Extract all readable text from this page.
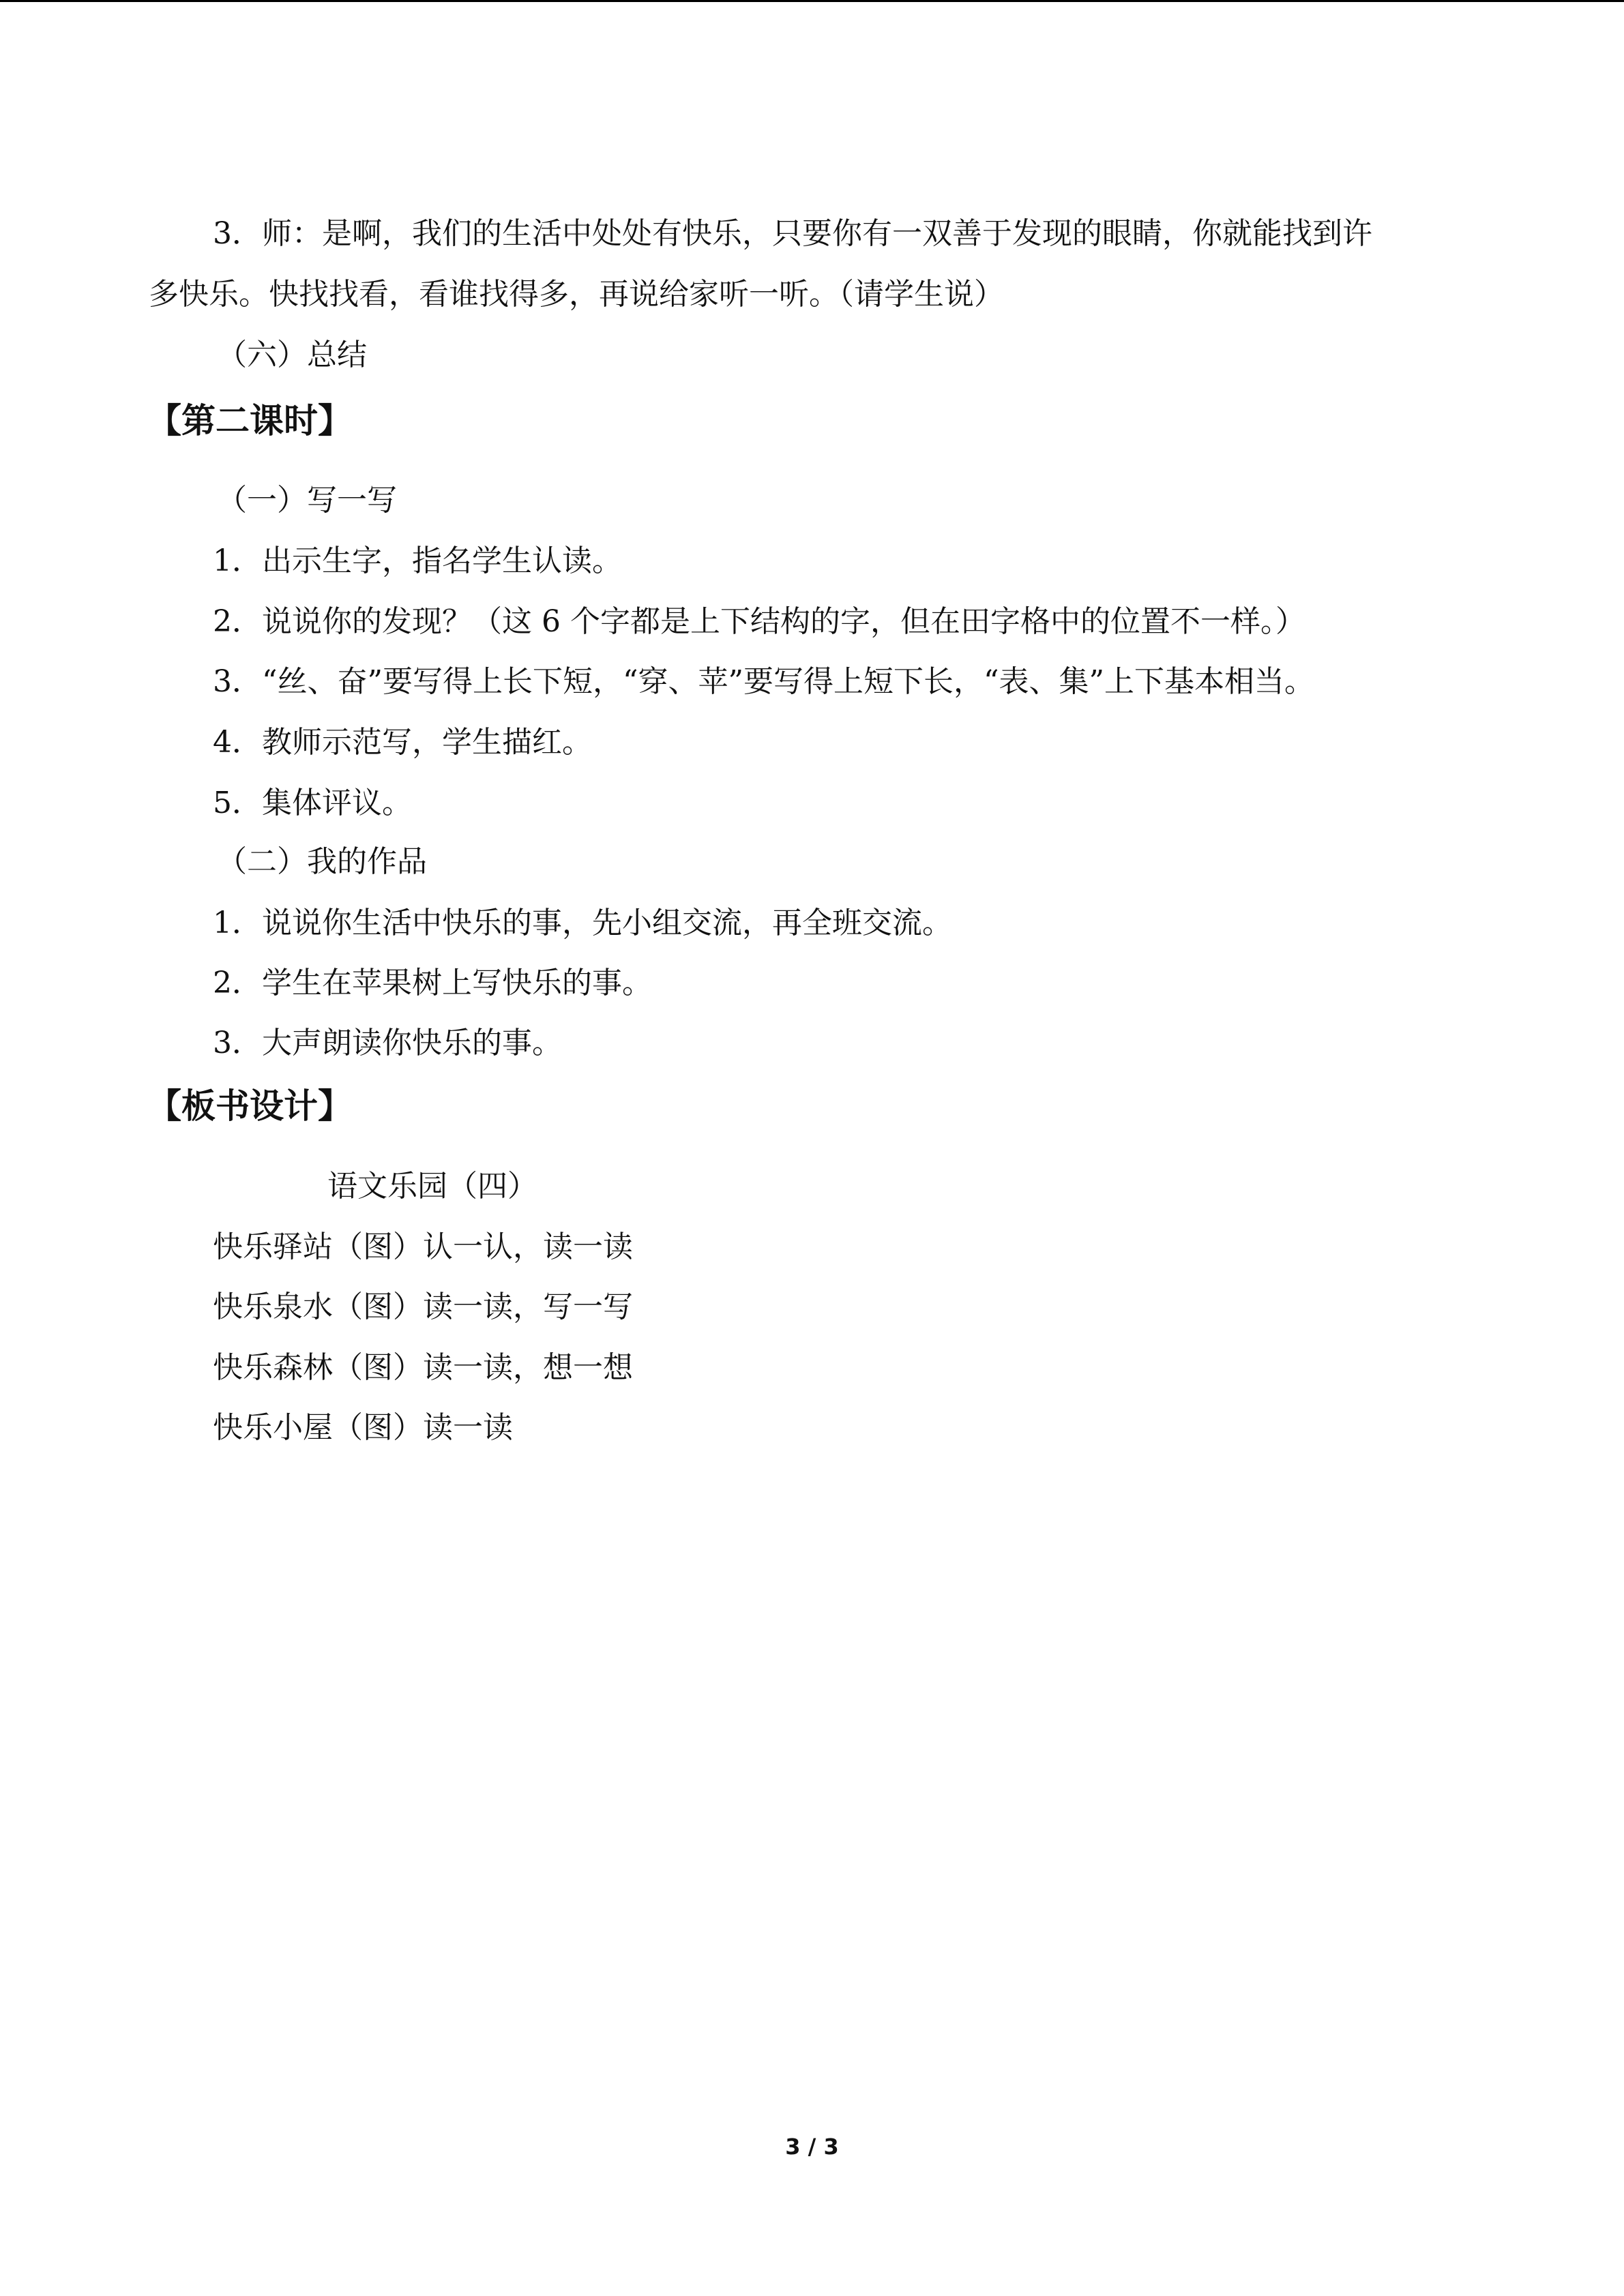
3．师：是啊，我们的生活中处处有快乐，只要你有一双善于发现的眼睛，你就能找到许
多快乐。快找找看，看谁找得多，再说给家听一听。（请学生说）
（六）总结
【第二课时】
（一）写一写
1．出示生字，指名学生认读。
2．说说你的发现？（这 6 个字都是上下结构的字，但在田字格中的位置不一样。）
3．“丝、奋”要写得上长下短，“穿、苹”要写得上短下长，“表、集”上下基本相当。
4．教师示范写，学生描红。
5．集体评议。
（二）我的作品
1．说说你生活中快乐的事，先小组交流，再全班交流。
2．学生在苹果树上写快乐的事。
3．大声朗读你快乐的事。
【板书设计】
语文乐园（四）
快乐驿站（图）认一认，读一读
快乐泉水（图）读一读，写一写
快乐森林（图）读一读，想一想
快乐小屋（图）读一读
3 / 3
